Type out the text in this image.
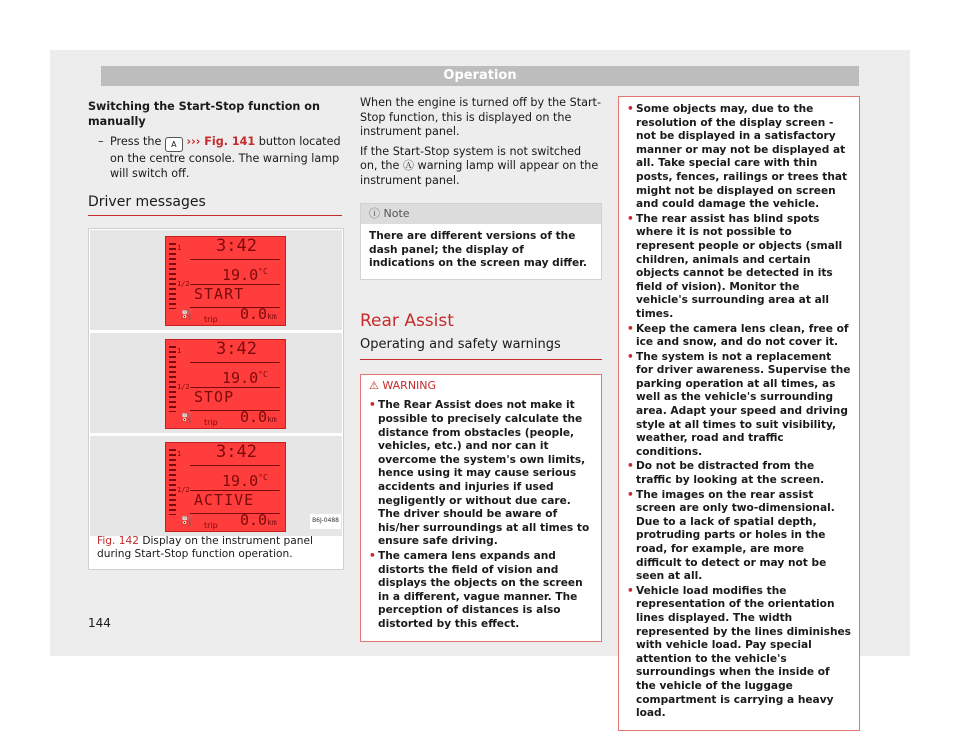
Operation
Switching the Start-Stop function on manually
– Press the A ››› Fig. 141 button located on the centre console. The warning lamp will switch off.
Driver messages
1
1/2
3:42
$19.0^{^\circ C}$
START
⛽ trip 0.0km
1
1/2
3:42
$19.0^{^\circ C}$
STOP
⛽ trip 0.0km
1
1/2
3:42
$19.0^{^\circ C}$
ACTIVE
⛽ trip 0.0km	B6J-0488
Fig. 142 Display on the instrument panel during Start-Stop function operation.

When the engine is turned off by the Start-Stop function, this is displayed on the instrument panel.

If the Start-Stop system is not switched on, the Ⓐ warning lamp will appear on the instrument panel.

ⓘ Note
There are different versions of the dash panel; the display of indications on the screen may differ.
Rear Assist
Operating and safety warnings
⚠ WARNING
• The Rear Assist does not make it possible to precisely calculate the distance from obstacles (people, vehicles, etc.) and nor can it overcome the system's own limits, hence using it may cause serious accidents and injuries if used negligently or without due care. The driver should be aware of his/her surroundings at all times to ensure safe driving.
• The camera lens expands and distorts the field of vision and displays the objects on the screen in a different, vague manner. The perception of distances is also distorted by this effect.
• Some objects may, due to the resolution of the display screen - not be displayed in a satisfactory manner or may not be displayed at all. Take special care with thin posts, fences, railings or trees that might not be displayed on screen and could damage the vehicle.
• The rear assist has blind spots where it is not possible to represent people or objects (small children, animals and certain objects cannot be detected in its field of vision). Monitor the vehicle's surrounding area at all times.
• Keep the camera lens clean, free of ice and snow, and do not cover it.
• The system is not a replacement for driver awareness. Supervise the parking operation at all times, as well as the vehicle's surrounding area. Adapt your speed and driving style at all times to suit visibility, weather, road and traffic conditions.
• Do not be distracted from the traffic by looking at the screen.
• The images on the rear assist screen are only two-dimensional. Due to a lack of spatial depth, protruding parts or holes in the road, for example, are more difficult to detect or may not be seen at all.
• Vehicle load modifies the representation of the orientation lines displayed. The width represented by the lines diminishes with vehicle load. Pay special attention to the vehicle's surroundings when the inside of the vehicle of the luggage compartment is carrying a heavy load.
144
